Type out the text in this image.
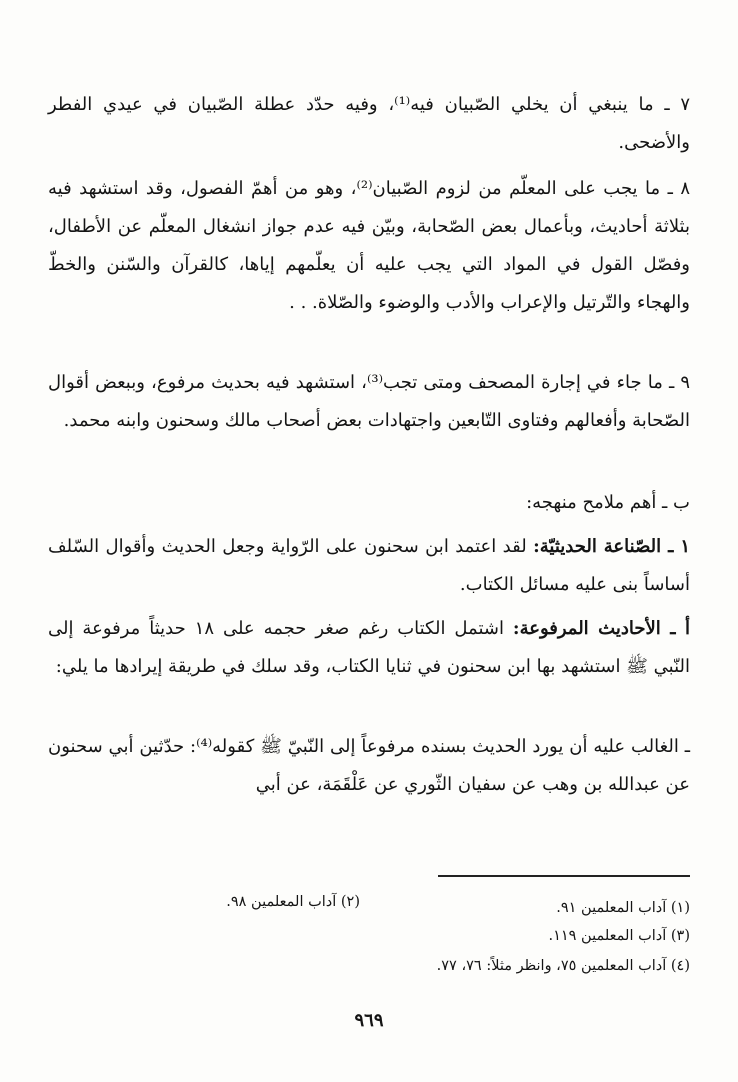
٧ ـ ما ينبغي أن يخلي الصّبيان فيه⁽¹⁾، وفيه حدّد عطلة الصّبيان في عيدي الفطر والأضحى.

٨ ـ ما يجب على المعلّم من لزوم الصّبيان⁽²⁾، وهو من أهمّ الفصول، وقد استشهد فيه بثلاثة أحاديث، وبأعمال بعض الصّحابة، وبيّن فيه عدم جواز انشغال المعلّم عن الأطفال، وفصّل القول في المواد التي يجب عليه أن يعلّمهم إياها، كالقرآن والسّنن والخطّ والهجاء والتّرتيل والإعراب والأدب والوضوء والصّلاة. . .

٩ ـ ما جاء في إجارة المصحف ومتى تجب⁽³⁾، استشهد فيه بحديث مرفوع، وببعض أقوال الصّحابة وأفعالهم وفتاوى التّابعين واجتهادات بعض أصحاب مالك وسحنون وابنه محمد.

ب ـ أهم ملامح منهجه:

١ ـ الصّناعة الحديثيّة: لقد اعتمد ابن سحنون على الرّواية وجعل الحديث وأقوال السّلف أساساً بنى عليه مسائل الكتاب.

أ ـ الأحاديث المرفوعة: اشتمل الكتاب رغم صغر حجمه على ١٨ حديثاً مرفوعة إلى النّبي ﷺ استشهد بها ابن سحنون في ثنايا الكتاب، وقد سلك في طريقة إيرادها ما يلي:

ـ الغالب عليه أن يورد الحديث بسنده مرفوعاً إلى النّبيّ ﷺ كقوله⁽⁴⁾: حدّثين أبي سحنون عن عبدالله بن وهب عن سفيان الثّوري عن عَلْقَمَة، عن أبي

(١) آداب المعلمين ٩١.
(٢) آداب المعلمين ٩٨.
(٣) آداب المعلمين ١١٩.
(٤) آداب المعلمين ٧٥، وانظر مثلاً: ٧٦، ٧٧.
٩٦٩
